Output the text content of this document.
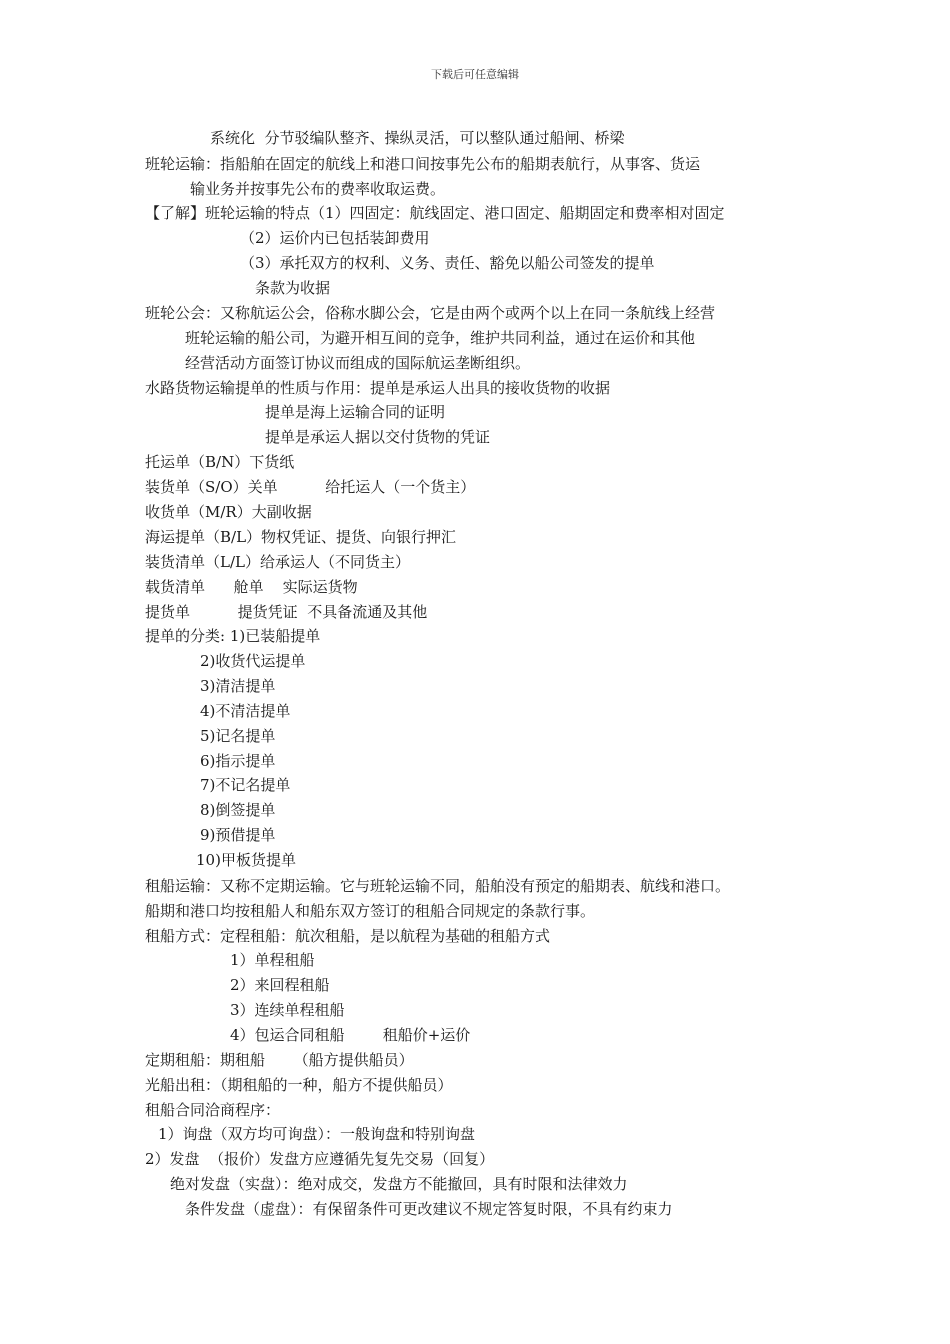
下载后可任意编辑
系统化  分节驳编队整齐、操纵灵活，可以整队通过船闸、桥梁
班轮运输：指船舶在固定的航线上和港口间按事先公布的船期表航行，从事客、货运
输业务并按事先公布的费率收取运费。
【了解】班轮运输的特点（1）四固定：航线固定、港口固定、船期固定和费率相对固定
（2）运价内已包括装卸费用
（3）承托双方的权利、义务、责任、豁免以船公司签发的提单
条款为收据
班轮公会：又称航运公会，俗称水脚公会，它是由两个或两个以上在同一条航线上经营
班轮运输的船公司，为避开相互间的竞争，维护共同利益，通过在运价和其他
经营活动方面签订协议而组成的国际航运垄断组织。
水路货物运输提单的性质与作用：提单是承运人出具的接收货物的收据
提单是海上运输合同的证明
提单是承运人据以交付货物的凭证
托运单（B/N）下货纸
装货单（S/O）关单          给托运人（一个货主）
收货单（M/R）大副收据
海运提单（B/L）物权凭证、提货、向银行押汇
装货清单（L/L）给承运人（不同货主）
载货清单      舱单    实际运货物
提货单          提货凭证  不具备流通及其他
提单的分类: 1)已装船提单
2)收货代运提单
3)清洁提单
4)不清洁提单
5)记名提单
6)指示提单
7)不记名提单
8)倒签提单
9)预借提单
10)甲板货提单
租船运输：又称不定期运输。它与班轮运输不同，船舶没有预定的船期表、航线和港口。
船期和港口均按租船人和船东双方签订的租船合同规定的条款行事。
租船方式：定程租船：航次租船，是以航程为基础的租船方式
1）单程租船
2）来回程租船
3）连续单程租船
4）包运合同租船        租船价+运价
定期租船：期租船      （船方提供船员）
光船出租：（期租船的一种，船方不提供船员）
租船合同洽商程序：
1）询盘（双方均可询盘）：一般询盘和特别询盘
2）发盘  （报价）发盘方应遵循先复先交易（回复）
绝对发盘（实盘）：绝对成交，发盘方不能撤回，具有时限和法律效力
条件发盘（虚盘）：有保留条件可更改建议不规定答复时限，不具有约束力
